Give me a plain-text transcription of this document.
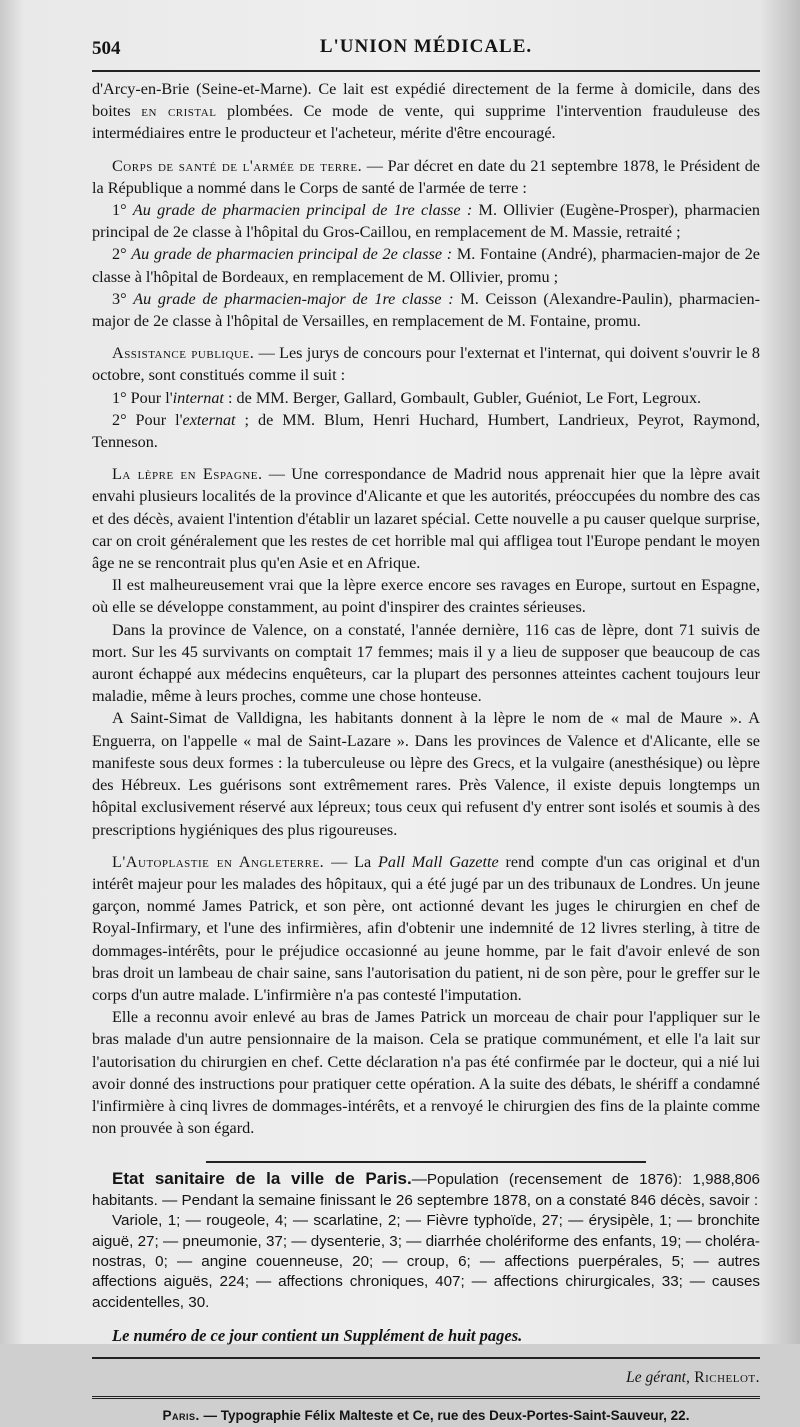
504	L'UNION MÉDICALE.

d'Arcy-en-Brie (Seine-et-Marne). Ce lait est expédié directement de la ferme à domicile, dans des boites en cristal plombées. Ce mode de vente, qui supprime l'intervention frauduleuse des intermédiaires entre le producteur et l'acheteur, mérite d'être encouragé.

Corps de santé de l'armée de terre. — Par décret en date du 21 septembre 1878, le Président de la République a nommé dans le Corps de santé de l'armée de terre :

1° Au grade de pharmacien principal de 1re classe : M. Ollivier (Eugène-Prosper), pharmacien principal de 2e classe à l'hôpital du Gros-Caillou, en remplacement de M. Massie, retraité ;

2° Au grade de pharmacien principal de 2e classe : M. Fontaine (André), pharmacien-major de 2e classe à l'hôpital de Bordeaux, en remplacement de M. Ollivier, promu ;

3° Au grade de pharmacien-major de 1re classe : M. Ceisson (Alexandre-Paulin), pharmacien-major de 2e classe à l'hôpital de Versailles, en remplacement de M. Fontaine, promu.

Assistance publique. — Les jurys de concours pour l'externat et l'internat, qui doivent s'ouvrir le 8 octobre, sont constitués comme il suit :

1° Pour l'internat : de MM. Berger, Gallard, Gombault, Gubler, Guéniot, Le Fort, Legroux.

2° Pour l'externat ; de MM. Blum, Henri Huchard, Humbert, Landrieux, Peyrot, Raymond, Tenneson.

La lèpre en Espagne. — Une correspondance de Madrid nous apprenait hier que la lèpre avait envahi plusieurs localités de la province d'Alicante et que les autorités, préoccupées du nombre des cas et des décès, avaient l'intention d'établir un lazaret spécial. Cette nouvelle a pu causer quelque surprise, car on croit généralement que les restes de cet horrible mal qui affligea tout l'Europe pendant le moyen âge ne se rencontrait plus qu'en Asie et en Afrique.

Il est malheureusement vrai que la lèpre exerce encore ses ravages en Europe, surtout en Espagne, où elle se développe constamment, au point d'inspirer des craintes sérieuses.

Dans la province de Valence, on a constaté, l'année dernière, 116 cas de lèpre, dont 71 suivis de mort. Sur les 45 survivants on comptait 17 femmes; mais il y a lieu de supposer que beaucoup de cas auront échappé aux médecins enquêteurs, car la plupart des personnes atteintes cachent toujours leur maladie, même à leurs proches, comme une chose honteuse.

A Saint-Simat de Valldigna, les habitants donnent à la lèpre le nom de « mal de Maure ». A Enguerra, on l'appelle « mal de Saint-Lazare ». Dans les provinces de Valence et d'Alicante, elle se manifeste sous deux formes : la tuberculeuse ou lèpre des Grecs, et la vulgaire (anesthésique) ou lèpre des Hébreux. Les guérisons sont extrêmement rares. Près Valence, il existe depuis longtemps un hôpital exclusivement réservé aux lépreux; tous ceux qui refusent d'y entrer sont isolés et soumis à des prescriptions hygiéniques des plus rigoureuses.

L'Autoplastie en Angleterre. — La Pall Mall Gazette rend compte d'un cas original et d'un intérêt majeur pour les malades des hôpitaux, qui a été jugé par un des tribunaux de Londres. Un jeune garçon, nommé James Patrick, et son père, ont actionné devant les juges le chirurgien en chef de Royal-Infirmary, et l'une des infirmières, afin d'obtenir une indemnité de 12 livres sterling, à titre de dommages-intérêts, pour le préjudice occasionné au jeune homme, par le fait d'avoir enlevé de son bras droit un lambeau de chair saine, sans l'autorisation du patient, ni de son père, pour le greffer sur le corps d'un autre malade. L'infirmière n'a pas contesté l'imputation.

Elle a reconnu avoir enlevé au bras de James Patrick un morceau de chair pour l'appliquer sur le bras malade d'un autre pensionnaire de la maison. Cela se pratique communément, et elle l'a lait sur l'autorisation du chirurgien en chef. Cette déclaration n'a pas été confirmée par le docteur, qui a nié lui avoir donné des instructions pour pratiquer cette opération. A la suite des débats, le shériff a condamné l'infirmière à cinq livres de dommages-intérêts, et a renvoyé le chirurgien des fins de la plainte comme non prouvée à son égard.

Etat sanitaire de la ville de Paris.—Population (recensement de 1876): 1,988,806 habitants. — Pendant la semaine finissant le 26 septembre 1878, on a constaté 846 décès, savoir :

Variole, 1; — rougeole, 4; — scarlatine, 2; — Fièvre typhoïde, 27; — érysipèle, 1; — bronchite aiguë, 27; — pneumonie, 37; — dysenterie, 3; — diarrhée cholériforme des enfants, 19; — choléra-nostras, 0; — angine couenneuse, 20; — croup, 6; — affections puerpérales, 5; — autres affections aiguës, 224; — affections chroniques, 407; — affections chirurgicales, 33; — causes accidentelles, 30.

Le numéro de ce jour contient un Supplément de huit pages.

Le gérant, Richelot.

Paris. — Typographie Félix Malteste et Ce, rue des Deux-Portes-Saint-Sauveur, 22.
